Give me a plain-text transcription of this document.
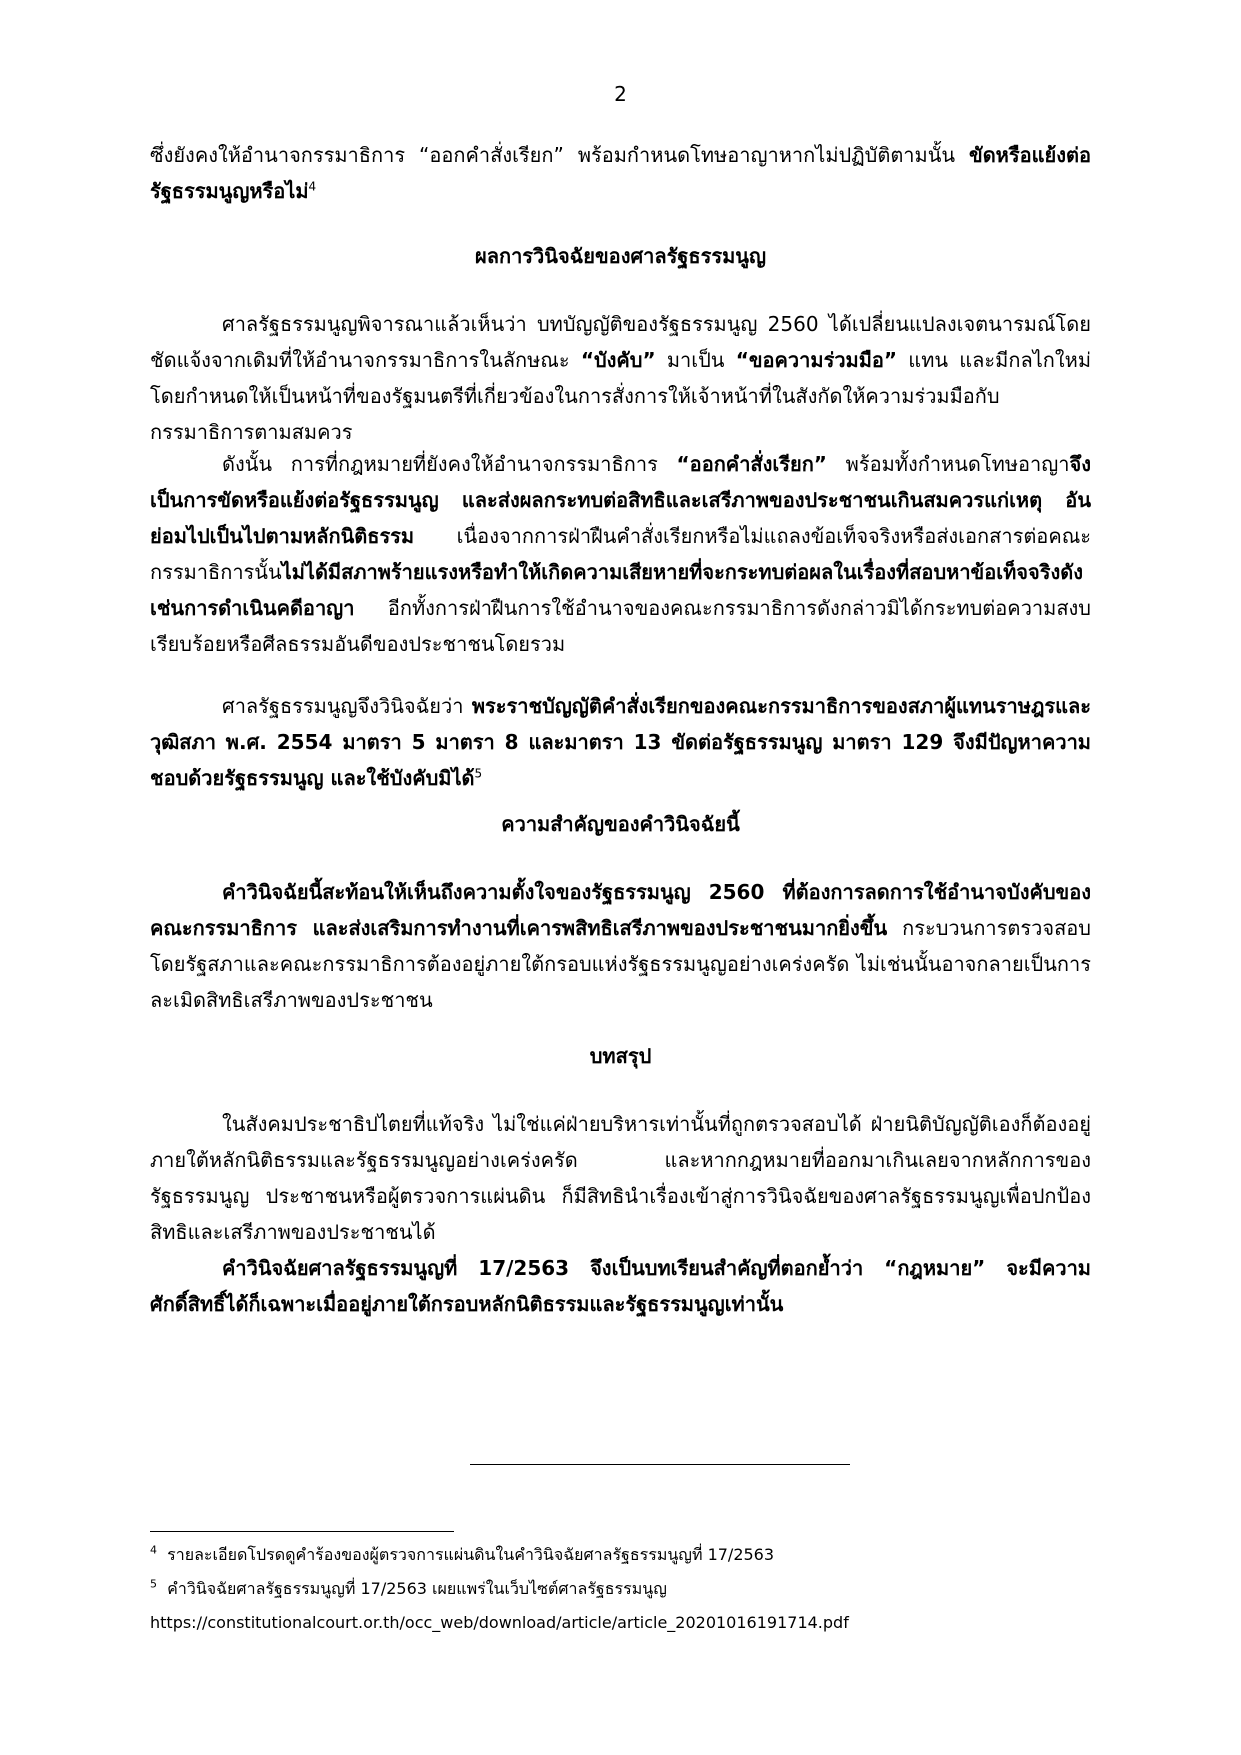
2
ซึ่งยังคงให้อำนาจกรรมาธิการ “ออกคำสั่งเรียก” พร้อมกำหนดโทษอาญาหากไม่ปฏิบัติตามนั้น ขัดหรือแย้งต่อรัฐธรรมนูญหรือไม่$^4$
ผลการวินิจฉัยของศาลรัฐธรรมนูญ
ศาลรัฐธรรมนูญพิจารณาแล้วเห็นว่า บทบัญญัติของรัฐธรรมนูญ 2560 ได้เปลี่ยนแปลงเจตนารมณ์โดยชัดแจ้งจากเดิมที่ให้อำนาจกรรมาธิการในลักษณะ “บังคับ” มาเป็น “ขอความร่วมมือ” แทน และมีกลไกใหม่โดยกำหนดให้เป็นหน้าที่ของรัฐมนตรีที่เกี่ยวข้องในการสั่งการให้เจ้าหน้าที่ในสังกัดให้ความร่วมมือกับกรรมาธิการตามสมควร
ดังนั้น การที่กฎหมายที่ยังคงให้อำนาจกรรมาธิการ “ออกคำสั่งเรียก” พร้อมทั้งกำหนดโทษอาญาจึงเป็นการขัดหรือแย้งต่อรัฐธรรมนูญ และส่งผลกระทบต่อสิทธิและเสรีภาพของประชาชนเกินสมควรแก่เหตุ อันย่อมไปเป็นไปตามหลักนิติธรรม เนื่องจากการฝ่าฝืนคำสั่งเรียกหรือไม่แถลงข้อเท็จจริงหรือส่งเอกสารต่อคณะกรรมาธิการนั้นไม่ได้มีสภาพร้ายแรงหรือทำให้เกิดความเสียหายที่จะกระทบต่อผลในเรื่องที่สอบหาข้อเท็จจริงดังเช่นการดำเนินคดีอาญา อีกทั้งการฝ่าฝืนการใช้อำนาจของคณะกรรมาธิการดังกล่าวมิได้กระทบต่อความสงบเรียบร้อยหรือศีลธรรมอันดีของประชาชนโดยรวม
ศาลรัฐธรรมนูญจึงวินิจฉัยว่า พระราชบัญญัติคำสั่งเรียกของคณะกรรมาธิการของสภาผู้แทนราษฎรและวุฒิสภา พ.ศ. 2554 มาตรา 5 มาตรา 8 และมาตรา 13 ขัดต่อรัฐธรรมนูญ มาตรา 129 จึงมีปัญหาความชอบด้วยรัฐธรรมนูญ และใช้บังคับมิได้$^5$
ความสำคัญของคำวินิจฉัยนี้
คำวินิจฉัยนี้สะท้อนให้เห็นถึงความตั้งใจของรัฐธรรมนูญ 2560 ที่ต้องการลดการใช้อำนาจบังคับของคณะกรรมาธิการ และส่งเสริมการทำงานที่เคารพสิทธิเสรีภาพของประชาชนมากยิ่งขึ้น กระบวนการตรวจสอบโดยรัฐสภาและคณะกรรมาธิการต้องอยู่ภายใต้กรอบแห่งรัฐธรรมนูญอย่างเคร่งครัด ไม่เช่นนั้นอาจกลายเป็นการละเมิดสิทธิเสรีภาพของประชาชน
บทสรุป
ในสังคมประชาธิปไตยที่แท้จริง ไม่ใช่แค่ฝ่ายบริหารเท่านั้นที่ถูกตรวจสอบได้ ฝ่ายนิติบัญญัติเองก็ต้องอยู่ภายใต้หลักนิติธรรมและรัฐธรรมนูญอย่างเคร่งครัด และหากกฎหมายที่ออกมาเกินเลยจากหลักการของรัฐธรรมนูญ ประชาชนหรือผู้ตรวจการแผ่นดิน ก็มีสิทธินำเรื่องเข้าสู่การวินิจฉัยของศาลรัฐธรรมนูญเพื่อปกป้องสิทธิและเสรีภาพของประชาชนได้
คำวินิจฉัยศาลรัฐธรรมนูญที่ 17/2563 จึงเป็นบทเรียนสำคัญที่ตอกย้ำว่า “กฎหมาย” จะมีความศักดิ์สิทธิ์ได้ก็เฉพาะเมื่ออยู่ภายใต้กรอบหลักนิติธรรมและรัฐธรรมนูญเท่านั้น
$^4$ รายละเอียดโปรดดูคำร้องของผู้ตรวจการแผ่นดินในคำวินิจฉัยศาลรัฐธรรมนูญที่ 17/2563
$^5$ คำวินิจฉัยศาลรัฐธรรมนูญที่ 17/2563 เผยแพร่ในเว็บไซต์ศาลรัฐธรรมนูญ
https://constitutionalcourt.or.th/occ_web/download/article/article_20201016191714.pdf
